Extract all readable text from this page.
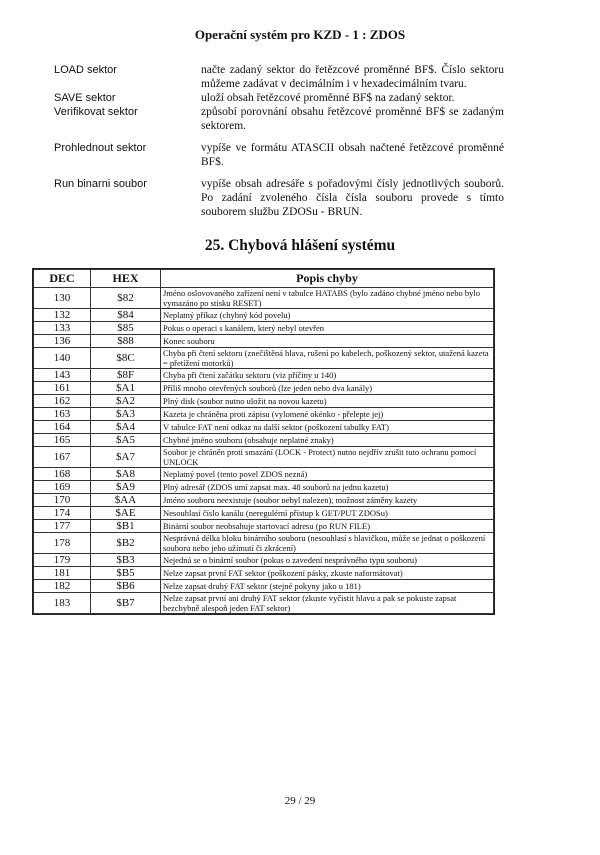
Operační systém pro KZD - 1 : ZDOS
LOAD sektor	načte zadaný sektor do řetězcové proměnné BF$. Číslo sektoru můžeme zadávat v decimálním i v hexadecimálním tvaru.
SAVE sektor	uloží obsah řetězcové proměnné BF$ na zadaný sektor.
Verifikovat sektor	způsobí porovnání obsahu řetězcové proměnné BF$ se zadaným sektorem.
Prohlednout sektor	vypíše ve formátu ATASCII obsah načtené řetězcové proměnné BF$.
Run binarni soubor	vypíše obsah adresáře s pořadovými čísly jednotlivých souborů. Po zadání zvoleného čísla čísla souboru provede s tímto souborem službu ZDOSu - BRUN.
25. Chybová hlášení systému
DEC	HEX	Popis chyby
130	$82	Jméno oslovovaného zařízení není v tabulce HATABS (bylo zadáno chybné jméno nebo bylo vymazáno po stisku RESET)
132	$84	Neplatný příkaz (chybný kód povelu)
133	$85	Pokus o operaci s kanálem, který nebyl otevřen
136	$88	Konec souboru
140	$8C	Chyba při čtení sektoru (znečištěná hlava, rušení po kabelech, poškozený sektor, utažená kazeta = přetížení motorků)
143	$8F	Chyba při čtení začátku sektoru (viz příčiny u 140)
161	$A1	Příliš mnoho otevřených souborů (lze jeden nebo dva kanály)
162	$A2	Plný disk (soubor nutno uložit na novou kazetu)
163	$A3	Kazeta je chráněna proti zápisu (vylomené okénko - přelepte jej)
164	$A4	V tabulce FAT není odkaz na další sektor (poškození tabulky FAT)
165	$A5	Chybné jméno souboru (obsahuje neplatné znaky)
167	$A7	Soubor je chráněn proti smazání (LOCK - Protect) nutno nejdřív zrušit tuto ochranu pomocí UNLOCK
168	$A8	Neplatný povel (tento povel ZDOS nezná)
169	$A9	Plný adresář (ZDOS umí zapsat max. 48 souborů na jednu kazetu)
170	$AA	Jméno souboru neexistuje (soubor nebyl nalezen), možnost záměny kazety
174	$AE	Nesouhlasí číslo kanálu (neregulérní přístup k GET/PUT ZDOSu)
177	$B1	Binární soubor neobsahuje startovací adresu (po RUN FILE)
178	$B2	Nesprávná délka bloku binárního souboru (nesouhlasí s hlavičkou, může se jednat o poškození souboru nebo jeho užímutí či zkrácení)
179	$B3	Nejedná se o binární soubor (pokus o zavedení nesprávného typu souboru)
181	$B5	Nelze zapsat první FAT sektor (poškození pásky, zkuste naformátovat)
182	$B6	Nelze zapsat druhý FAT sektor (stejné pokyny jako u 181)
183	$B7	Nelze zapsat první ani druhý FAT sektor (zkuste vyčistit hlavu a pak se pokuste zapsat bezchybně alespoň jeden FAT sektor)
29 / 29
